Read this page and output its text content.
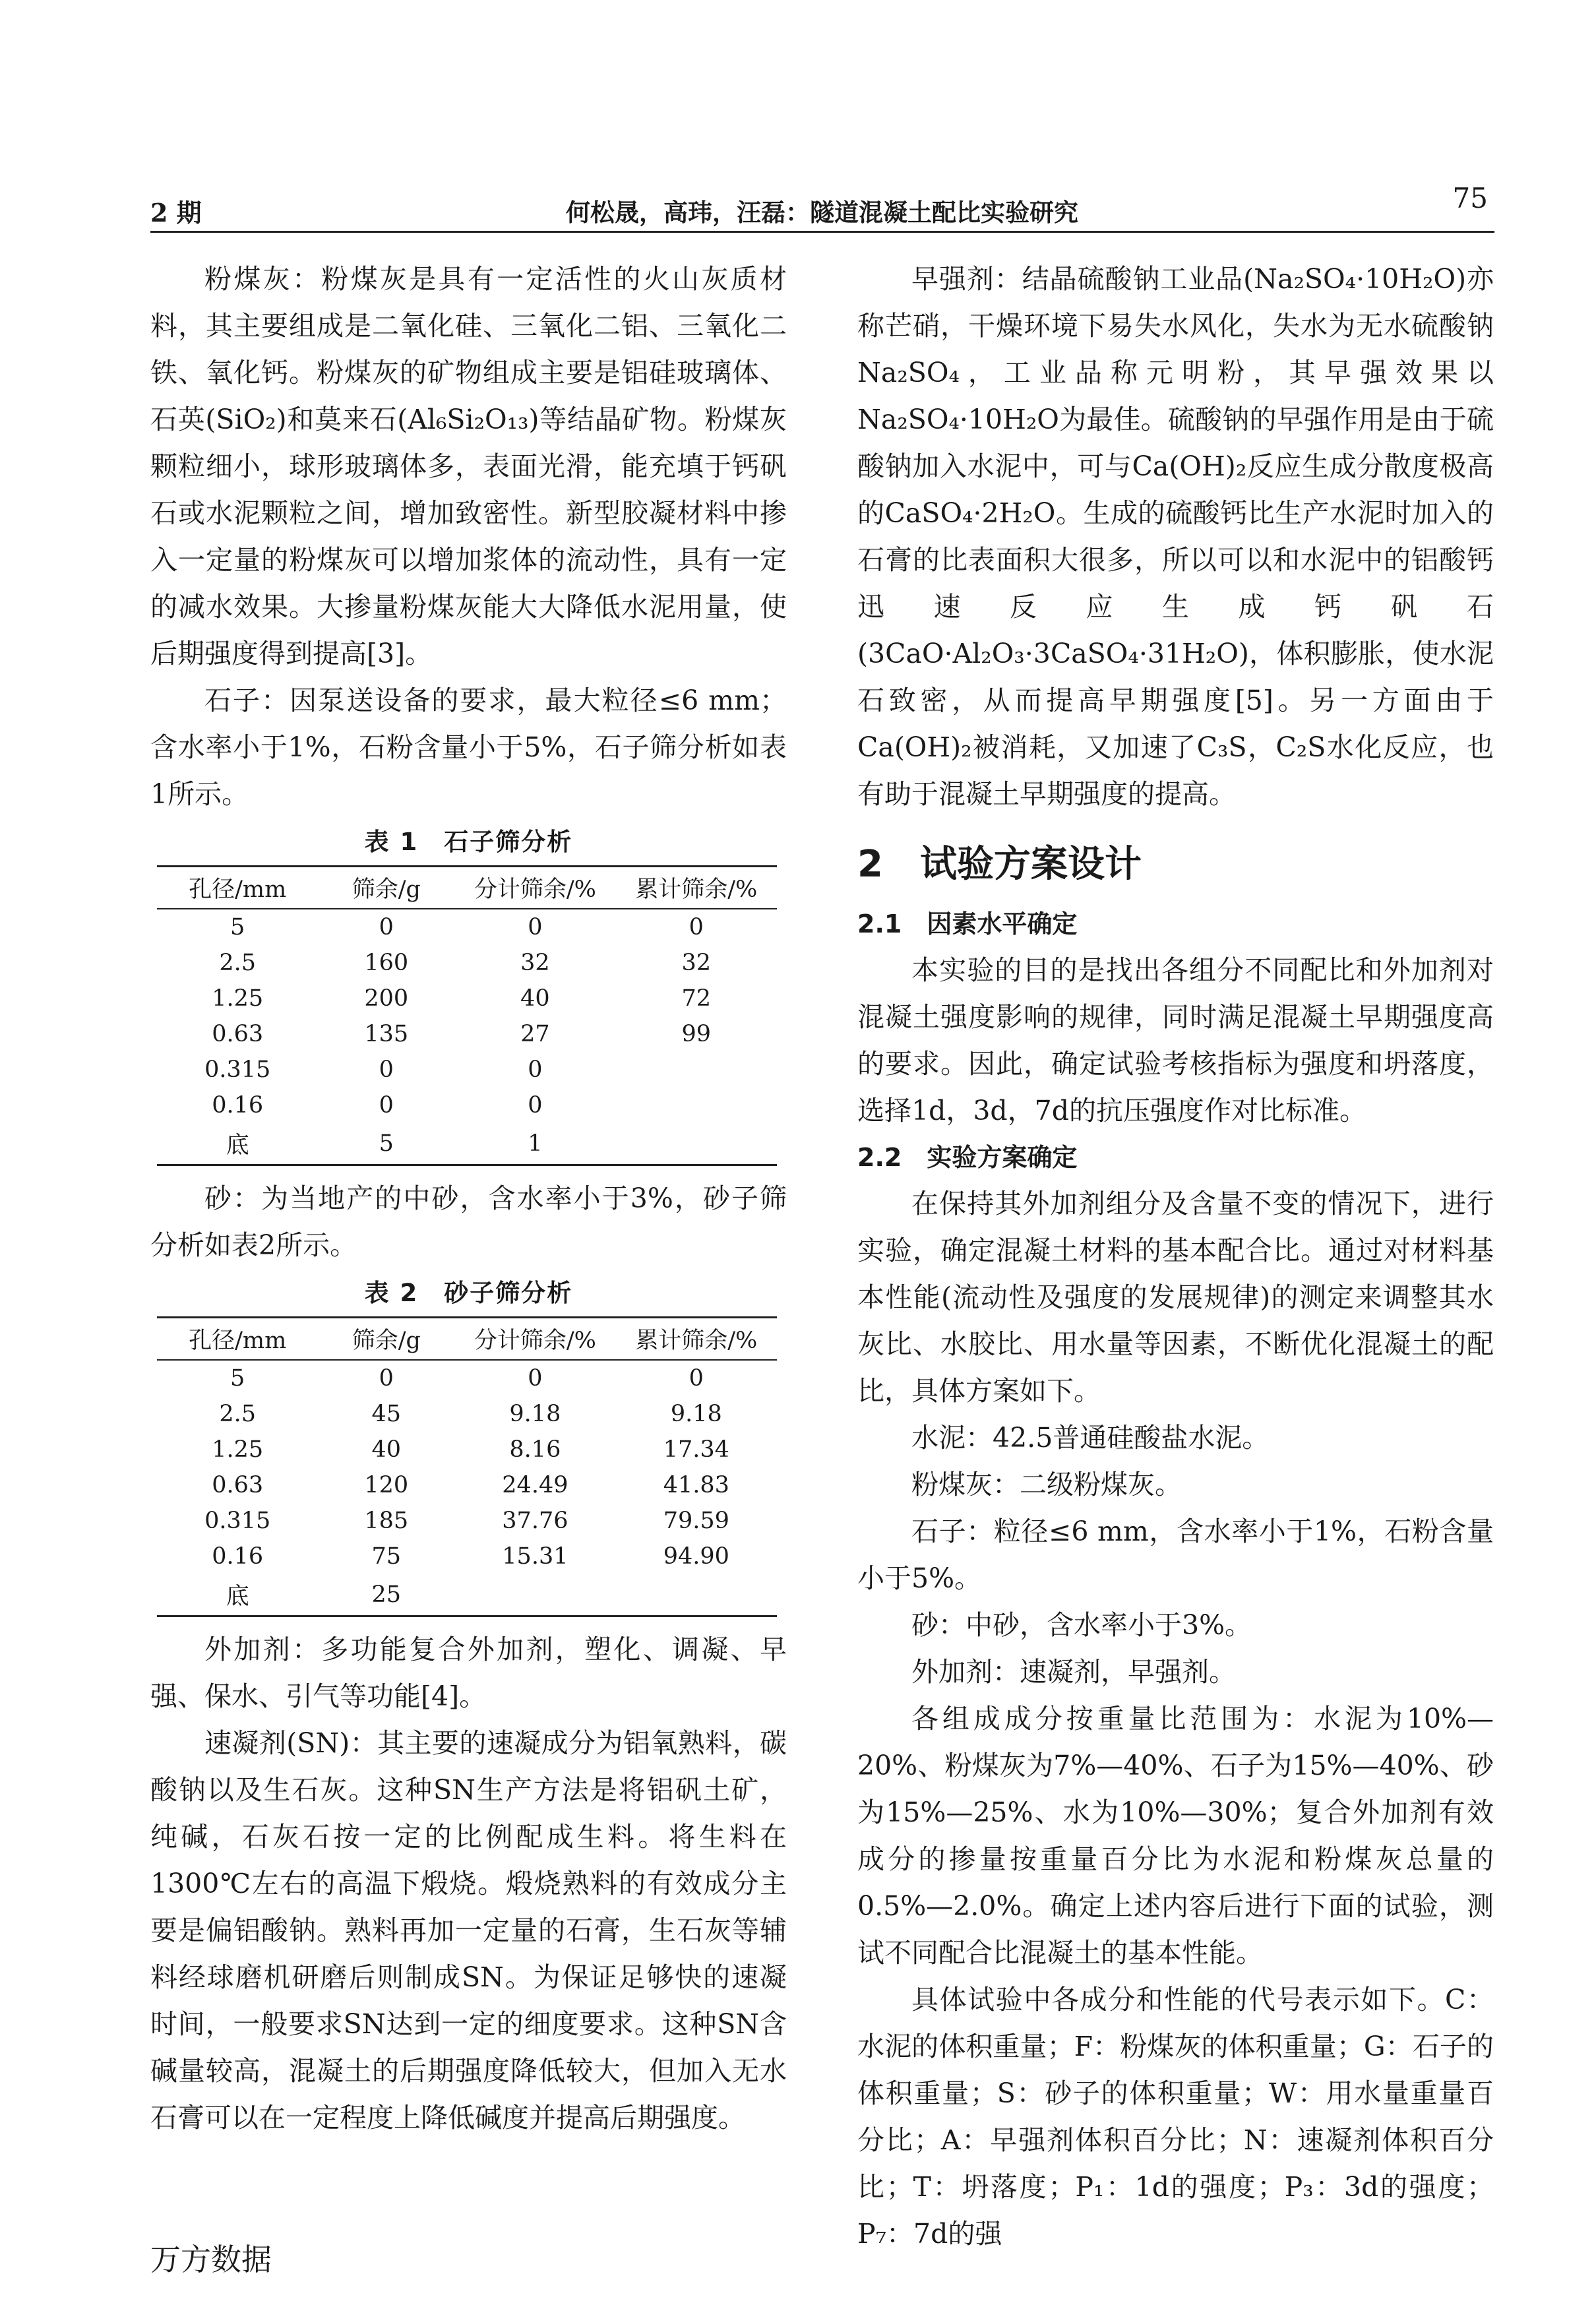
2 期	何松晟，高玮，汪磊：隧道混凝土配比实验研究	75

粉煤灰：粉煤灰是具有一定活性的火山灰质材料，其主要组成是二氧化硅、三氧化二铝、三氧化二铁、氧化钙。粉煤灰的矿物组成主要是铝硅玻璃体、石英(SiO₂)和莫来石(Al₆Si₂O₁₃)等结晶矿物。粉煤灰颗粒细小，球形玻璃体多，表面光滑，能充填于钙矾石或水泥颗粒之间，增加致密性。新型胶凝材料中掺入一定量的粉煤灰可以增加浆体的流动性，具有一定的减水效果。大掺量粉煤灰能大大降低水泥用量，使后期强度得到提高[3]。

石子：因泵送设备的要求，最大粒径≤6 mm；含水率小于1%，石粉含量小于5%，石子筛分析如表1所示。

表 1　石子筛分析
孔径/mm	筛余/g	分计筛余/%	累计筛余/%
5	0	0	0
2.5	160	32	32
1.25	200	40	72
0.63	135	27	99
0.315	0	0	
0.16	0	0	
底	5	1	

砂：为当地产的中砂，含水率小于3%，砂子筛分析如表2所示。

表 2　砂子筛分析
孔径/mm	筛余/g	分计筛余/%	累计筛余/%
5	0	0	0
2.5	45	9.18	9.18
1.25	40	8.16	17.34
0.63	120	24.49	41.83
0.315	185	37.76	79.59
0.16	75	15.31	94.90
底	25		

外加剂：多功能复合外加剂，塑化、调凝、早强、保水、引气等功能[4]。

速凝剂(SN)：其主要的速凝成分为铝氧熟料，碳酸钠以及生石灰。这种SN生产方法是将铝矾土矿，纯碱，石灰石按一定的比例配成生料。将生料在1300℃左右的高温下煅烧。煅烧熟料的有效成分主要是偏铝酸钠。熟料再加一定量的石膏，生石灰等辅料经球磨机研磨后则制成SN。为保证足够快的速凝时间，一般要求SN达到一定的细度要求。这种SN含碱量较高，混凝土的后期强度降低较大，但加入无水石膏可以在一定程度上降低碱度并提高后期强度。

早强剂：结晶硫酸钠工业品(Na₂SO₄·10H₂O)亦称芒硝，干燥环境下易失水风化，失水为无水硫酸钠Na₂SO₄，工业品称元明粉，其早强效果以Na₂SO₄·10H₂O为最佳。硫酸钠的早强作用是由于硫酸钠加入水泥中，可与Ca(OH)₂反应生成分散度极高的CaSO₄·2H₂O。生成的硫酸钙比生产水泥时加入的石膏的比表面积大很多，所以可以和水泥中的铝酸钙迅速反应生成钙矾石(3CaO·Al₂O₃·3CaSO₄·31H₂O)，体积膨胀，使水泥石致密，从而提高早期强度[5]。另一方面由于Ca(OH)₂被消耗，又加速了C₃S，C₂S水化反应，也有助于混凝土早期强度的提高。

2　试验方案设计
2.1　因素水平确定

本实验的目的是找出各组分不同配比和外加剂对混凝土强度影响的规律，同时满足混凝土早期强度高的要求。因此，确定试验考核指标为强度和坍落度，选择1d，3d，7d的抗压强度作对比标准。

2.2　实验方案确定

在保持其外加剂组分及含量不变的情况下，进行实验，确定混凝土材料的基本配合比。通过对材料基本性能(流动性及强度的发展规律)的测定来调整其水灰比、水胶比、用水量等因素，不断优化混凝土的配比，具体方案如下。

水泥：42.5普通硅酸盐水泥。

粉煤灰：二级粉煤灰。

石子：粒径≤6 mm，含水率小于1%，石粉含量小于5%。

砂：中砂，含水率小于3%。

外加剂：速凝剂，早强剂。

各组成成分按重量比范围为：水泥为10%—20%、粉煤灰为7%—40%、石子为15%—40%、砂为15%—25%、水为10%—30%；复合外加剂有效成分的掺量按重量百分比为水泥和粉煤灰总量的0.5%—2.0%。确定上述内容后进行下面的试验，测试不同配合比混凝土的基本性能。

具体试验中各成分和性能的代号表示如下。C：水泥的体积重量；F：粉煤灰的体积重量；G：石子的体积重量；S：砂子的体积重量；W：用水量重量百分比；A：早强剂体积百分比；N：速凝剂体积百分比；T：坍落度；P₁：1d的强度；P₃：3d的强度；P₇：7d的强

万方数据
